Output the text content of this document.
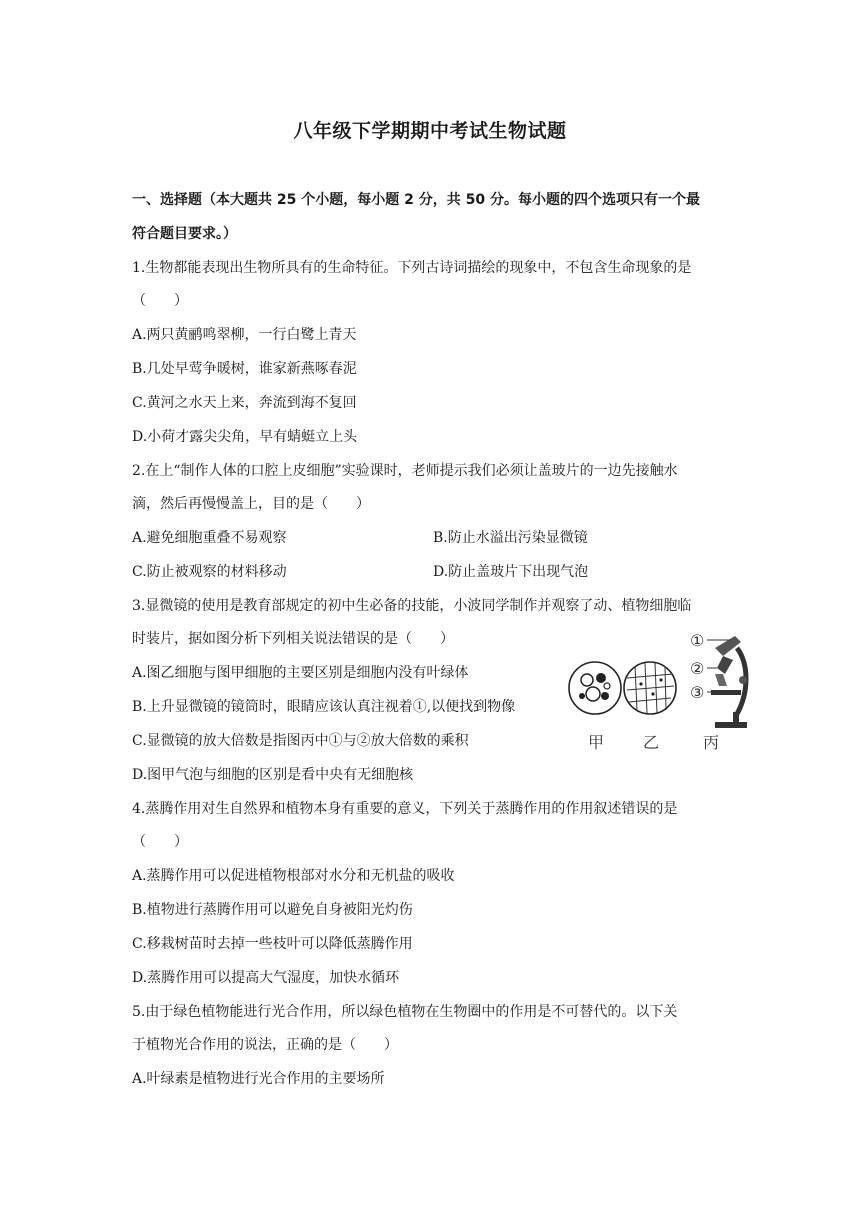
八年级下学期期中考试生物试题
一、选择题（本大题共 25 个小题，每小题 2 分，共 50 分。每小题的四个选项只有一个最
符合题目要求。）
1.生物都能表现出生物所具有的生命特征。下列古诗词描绘的现象中，不包含生命现象的是
（　　）
A.两只黄鹂鸣翠柳，一行白鹭上青天
B.几处早莺争暖树，谁家新燕啄春泥
C.黄河之水天上来，奔流到海不复回
D.小荷才露尖尖角，早有蜻蜓立上头
2.在上“制作人体的口腔上皮细胞”实验课时，老师提示我们必须让盖玻片的一边先接触水
滴，然后再慢慢盖上，目的是（　　）
A.避免细胞重叠不易观察	B.防止水溢出污染显微镜
C.防止被观察的材料移动	D.防止盖玻片下出现气泡
3.显微镜的使用是教育部规定的初中生必备的技能，小波同学制作并观察了动、植物细胞临
时装片，据如图分析下列相关说法错误的是（　　）
A.图乙细胞与图甲细胞的主要区别是细胞内没有叶绿体
B.上升显微镜的镜筒时，眼睛应该认真注视着①,以便找到物像
C.显微镜的放大倍数是指图丙中①与②放大倍数的乘积
D.图甲气泡与细胞的区别是看中央有无细胞核
①
②
③
甲 乙	丙
4.蒸腾作用对生自然界和植物本身有重要的意义，下列关于蒸腾作用的作用叙述错误的是
（　　）
A.蒸腾作用可以促进植物根部对水分和无机盐的吸收
B.植物进行蒸腾作用可以避免自身被阳光灼伤
C.移栽树苗时去掉一些枝叶可以降低蒸腾作用
D.蒸腾作用可以提高大气湿度，加快水循环
5.由于绿色植物能进行光合作用，所以绿色植物在生物圈中的作用是不可替代的。以下关
于植物光合作用的说法，正确的是（　　）
A.叶绿素是植物进行光合作用的主要场所
